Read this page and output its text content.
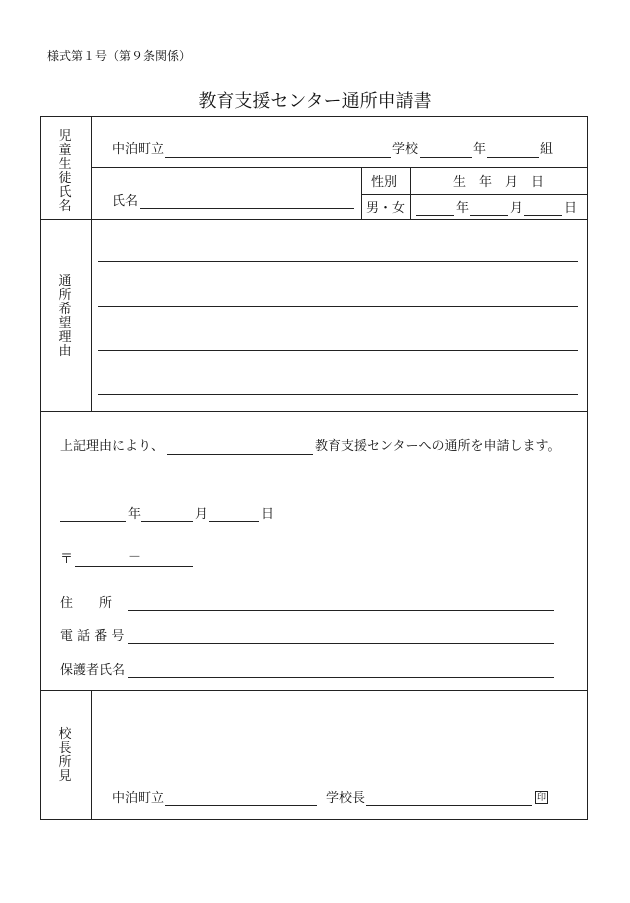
様式第１号（第９条関係）
教育支援センター通所申請書
児童生徒氏名
中泊町立	学校	年	組
氏名
性別	生　年　月　日
男・女	年	月	日
通所希望理由
上記理由により、	教育支援センターへの通所を申請します。
年	月	日
〒	－
住　　所
電 話 番 号
保護者氏名
校長所見
中泊町立	学校長	印
